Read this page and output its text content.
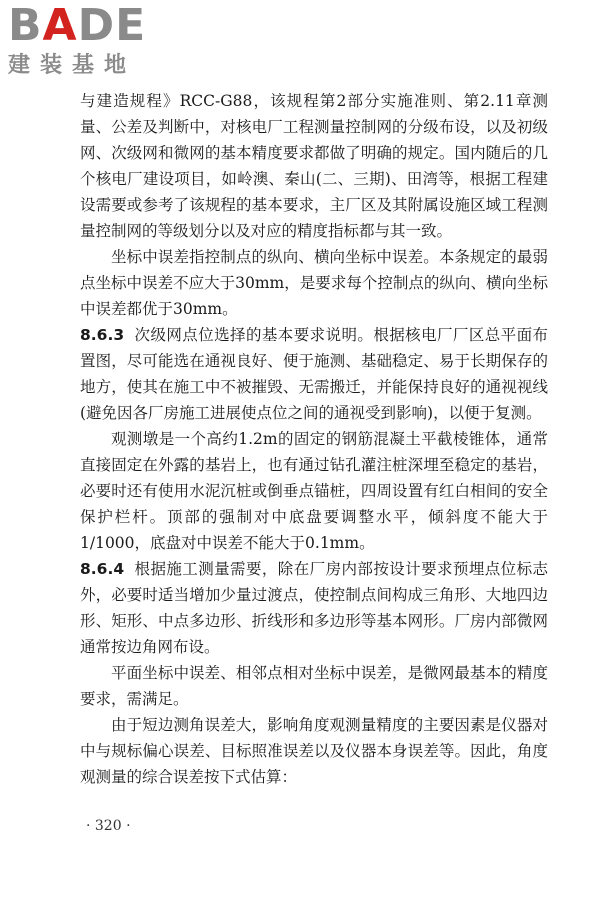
BADE
建装基地

与建造规程》RCC-G88，该规程第2部分实施准则、第2.11章测量、公差及判断中，对核电厂工程测量控制网的分级布设，以及初级网、次级网和微网的基本精度要求都做了明确的规定。国内随后的几个核电厂建设项目，如岭澳、秦山(二、三期)、田湾等，根据工程建设需要或参考了该规程的基本要求，主厂区及其附属设施区域工程测量控制网的等级划分以及对应的精度指标都与其一致。

坐标中误差指控制点的纵向、横向坐标中误差。本条规定的最弱点坐标中误差不应大于30mm，是要求每个控制点的纵向、横向坐标中误差都优于30mm。

8.6.3 次级网点位选择的基本要求说明。根据核电厂厂区总平面布置图，尽可能选在通视良好、便于施测、基础稳定、易于长期保存的地方，使其在施工中不被摧毁、无需搬迁，并能保持良好的通视视线(避免因各厂房施工进展使点位之间的通视受到影响)，以便于复测。

观测墩是一个高约1.2m的固定的钢筋混凝土平截棱锥体，通常直接固定在外露的基岩上，也有通过钻孔灌注桩深埋至稳定的基岩，必要时还有使用水泥沉桩或倒垂点锚桩，四周设置有红白相间的安全保护栏杆。顶部的强制对中底盘要调整水平，倾斜度不能大于1/1000，底盘对中误差不能大于0.1mm。

8.6.4 根据施工测量需要，除在厂房内部按设计要求预埋点位标志外，必要时适当增加少量过渡点，使控制点间构成三角形、大地四边形、矩形、中点多边形、折线形和多边形等基本网形。厂房内部微网通常按边角网布设。

平面坐标中误差、相邻点相对坐标中误差，是微网最基本的精度要求，需满足。

由于短边测角误差大，影响角度观测量精度的主要因素是仪器对中与规标偏心误差、目标照准误差以及仪器本身误差等。因此，角度观测量的综合误差按下式估算：

· 320 ·
